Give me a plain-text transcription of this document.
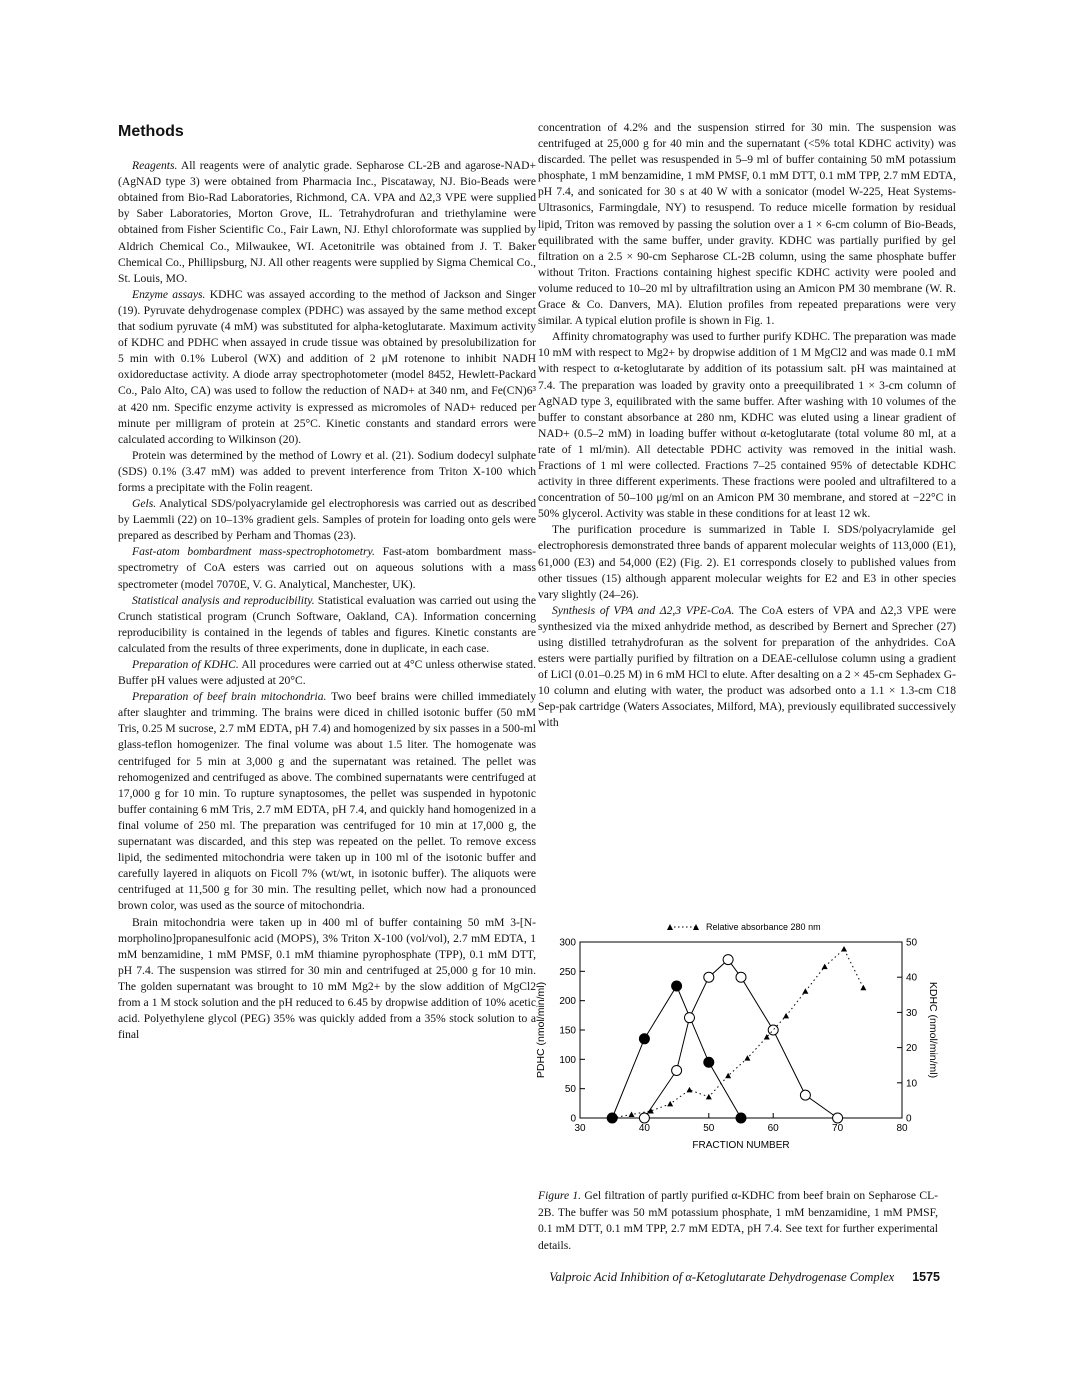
Methods

Reagents. All reagents were of analytic grade. Sepharose CL-2B and agarose-NAD+ (AgNAD type 3) were obtained from Pharmacia Inc., Piscataway, NJ. Bio-Beads were obtained from Bio-Rad Laboratories, Richmond, CA. VPA and Δ2,3 VPE were supplied by Saber Laboratories, Morton Grove, IL. Tetrahydrofuran and triethylamine were obtained from Fisher Scientific Co., Fair Lawn, NJ. Ethyl chloroformate was supplied by Aldrich Chemical Co., Milwaukee, WI. Acetonitrile was obtained from J. T. Baker Chemical Co., Phillipsburg, NJ. All other reagents were supplied by Sigma Chemical Co., St. Louis, MO.

Enzyme assays. KDHC was assayed according to the method of Jackson and Singer (19). Pyruvate dehydrogenase complex (PDHC) was assayed by the same method except that sodium pyruvate (4 mM) was substituted for alpha-ketoglutarate. Maximum activity of KDHC and PDHC when assayed in crude tissue was obtained by presolubilization for 5 min with 0.1% Luberol (WX) and addition of 2 μM rotenone to inhibit NADH oxidoreductase activity. A diode array spectrophotometer (model 8452, Hewlett-Packard Co., Palo Alto, CA) was used to follow the reduction of NAD+ at 340 nm, and Fe(CN)6³ at 420 nm. Specific enzyme activity is expressed as micromoles of NAD+ reduced per minute per milligram of protein at 25°C. Kinetic constants and standard errors were calculated according to Wilkinson (20).

Protein was determined by the method of Lowry et al. (21). Sodium dodecyl sulphate (SDS) 0.1% (3.47 mM) was added to prevent interference from Triton X-100 which forms a precipitate with the Folin reagent.

Gels. Analytical SDS/polyacrylamide gel electrophoresis was carried out as described by Laemmli (22) on 10–13% gradient gels. Samples of protein for loading onto gels were prepared as described by Perham and Thomas (23).

Fast-atom bombardment mass-spectrophotometry. Fast-atom bombardment mass-spectrometry of CoA esters was carried out on aqueous solutions with a mass spectrometer (model 7070E, V. G. Analytical, Manchester, UK).

Statistical analysis and reproducibility. Statistical evaluation was carried out using the Crunch statistical program (Crunch Software, Oakland, CA). Information concerning reproducibility is contained in the legends of tables and figures. Kinetic constants are calculated from the results of three experiments, done in duplicate, in each case.

Preparation of KDHC. All procedures were carried out at 4°C unless otherwise stated. Buffer pH values were adjusted at 20°C.

Preparation of beef brain mitochondria. Two beef brains were chilled immediately after slaughter and trimming. The brains were diced in chilled isotonic buffer (50 mM Tris, 0.25 M sucrose, 2.7 mM EDTA, pH 7.4) and homogenized by six passes in a 500-ml glass-teflon homogenizer. The final volume was about 1.5 liter. The homogenate was centrifuged for 5 min at 3,000 g and the supernatant was retained. The pellet was rehomogenized and centrifuged as above. The combined supernatants were centrifuged at 17,000 g for 10 min. To rupture synaptosomes, the pellet was suspended in hypotonic buffer containing 6 mM Tris, 2.7 mM EDTA, pH 7.4, and quickly hand homogenized in a final volume of 250 ml. The preparation was centrifuged for 10 min at 17,000 g, the supernatant was discarded, and this step was repeated on the pellet. To remove excess lipid, the sedimented mitochondria were taken up in 100 ml of the isotonic buffer and carefully layered in aliquots on Ficoll 7% (wt/wt, in isotonic buffer). The aliquots were centrifuged at 11,500 g for 30 min. The resulting pellet, which now had a pronounced brown color, was used as the source of mitochondria.

Brain mitochondria were taken up in 400 ml of buffer containing 50 mM 3-[N-morpholino]propanesulfonic acid (MOPS), 3% Triton X-100 (vol/vol), 2.7 mM EDTA, 1 mM benzamidine, 1 mM PMSF, 0.1 mM thiamine pyrophosphate (TPP), 0.1 mM DTT, pH 7.4. The suspension was stirred for 30 min and centrifuged at 25,000 g for 10 min. The golden supernatant was brought to 10 mM Mg2+ by the slow addition of MgCl2 from a 1 M stock solution and the pH reduced to 6.45 by dropwise addition of 10% acetic acid. Polyethylene glycol (PEG) 35% was quickly added from a 35% stock solution to a final

concentration of 4.2% and the suspension stirred for 30 min. The suspension was centrifuged at 25,000 g for 40 min and the supernatant (<5% total KDHC activity) was discarded. The pellet was resuspended in 5–9 ml of buffer containing 50 mM potassium phosphate, 1 mM benzamidine, 1 mM PMSF, 0.1 mM DTT, 0.1 mM TPP, 2.7 mM EDTA, pH 7.4, and sonicated for 30 s at 40 W with a sonicator (model W-225, Heat Systems-Ultrasonics, Farmingdale, NY) to resuspend. To reduce micelle formation by residual lipid, Triton was removed by passing the solution over a 1 × 6-cm column of Bio-Beads, equilibrated with the same buffer, under gravity. KDHC was partially purified by gel filtration on a 2.5 × 90-cm Sepharose CL-2B column, using the same phosphate buffer without Triton. Fractions containing highest specific KDHC activity were pooled and volume reduced to 10–20 ml by ultrafiltration using an Amicon PM 30 membrane (W. R. Grace & Co. Danvers, MA). Elution profiles from repeated preparations were very similar. A typical elution profile is shown in Fig. 1.

Affinity chromatography was used to further purify KDHC. The preparation was made 10 mM with respect to Mg2+ by dropwise addition of 1 M MgCl2 and was made 0.1 mM with respect to α-ketoglutarate by addition of its potassium salt. pH was maintained at 7.4. The preparation was loaded by gravity onto a preequilibrated 1 × 3-cm column of AgNAD type 3, equilibrated with the same buffer. After washing with 10 volumes of the buffer to constant absorbance at 280 nm, KDHC was eluted using a linear gradient of NAD+ (0.5–2 mM) in loading buffer without α-ketoglutarate (total volume 80 ml, at a rate of 1 ml/min). All detectable PDHC activity was removed in the initial wash. Fractions of 1 ml were collected. Fractions 7–25 contained 95% of detectable KDHC activity in three different experiments. These fractions were pooled and ultrafiltered to a concentration of 50–100 μg/ml on an Amicon PM 30 membrane, and stored at −22°C in 50% glycerol. Activity was stable in these conditions for at least 12 wk.

The purification procedure is summarized in Table I. SDS/polyacrylamide gel electrophoresis demonstrated three bands of apparent molecular weights of 113,000 (E1), 61,000 (E3) and 54,000 (E2) (Fig. 2). E1 corresponds closely to published values from other tissues (15) although apparent molecular weights for E2 and E3 in other species vary slightly (24–26).

Synthesis of VPA and Δ2,3 VPE-CoA. The CoA esters of VPA and Δ2,3 VPE were synthesized via the mixed anhydride method, as described by Bernert and Sprecher (27) using distilled tetrahydrofuran as the solvent for preparation of the anhydrides. CoA esters were partially purified by filtration on a DEAE-cellulose column using a gradient of LiCl (0.01–0.25 M) in 6 mM HCl to elute. After desalting on a 2 × 45-cm Sephadex G-10 column and eluting with water, the product was adsorbed onto a 1.1 × 1.3-cm C18 Sep-pak cartridge (Waters Associates, Milford, MA), previously equilibrated successively with

30	40	50	60	70	80
0
50
100
150
200
250
300
0
10
20
30
40
50
FRACTION NUMBER
PDHC (nmol/min/ml)	KDHC (nmol/min/ml)
Relative absorbance 280 nm
Figure 1. Gel filtration of partly purified α-KDHC from beef brain on Sepharose CL-2B. The buffer was 50 mM potassium phosphate, 1 mM benzamidine, 1 mM PMSF, 0.1 mM DTT, 0.1 mM TPP, 2.7 mM EDTA, pH 7.4. See text for further experimental details.
Valproic Acid Inhibition of α-Ketoglutarate Dehydrogenase Complex 1575
